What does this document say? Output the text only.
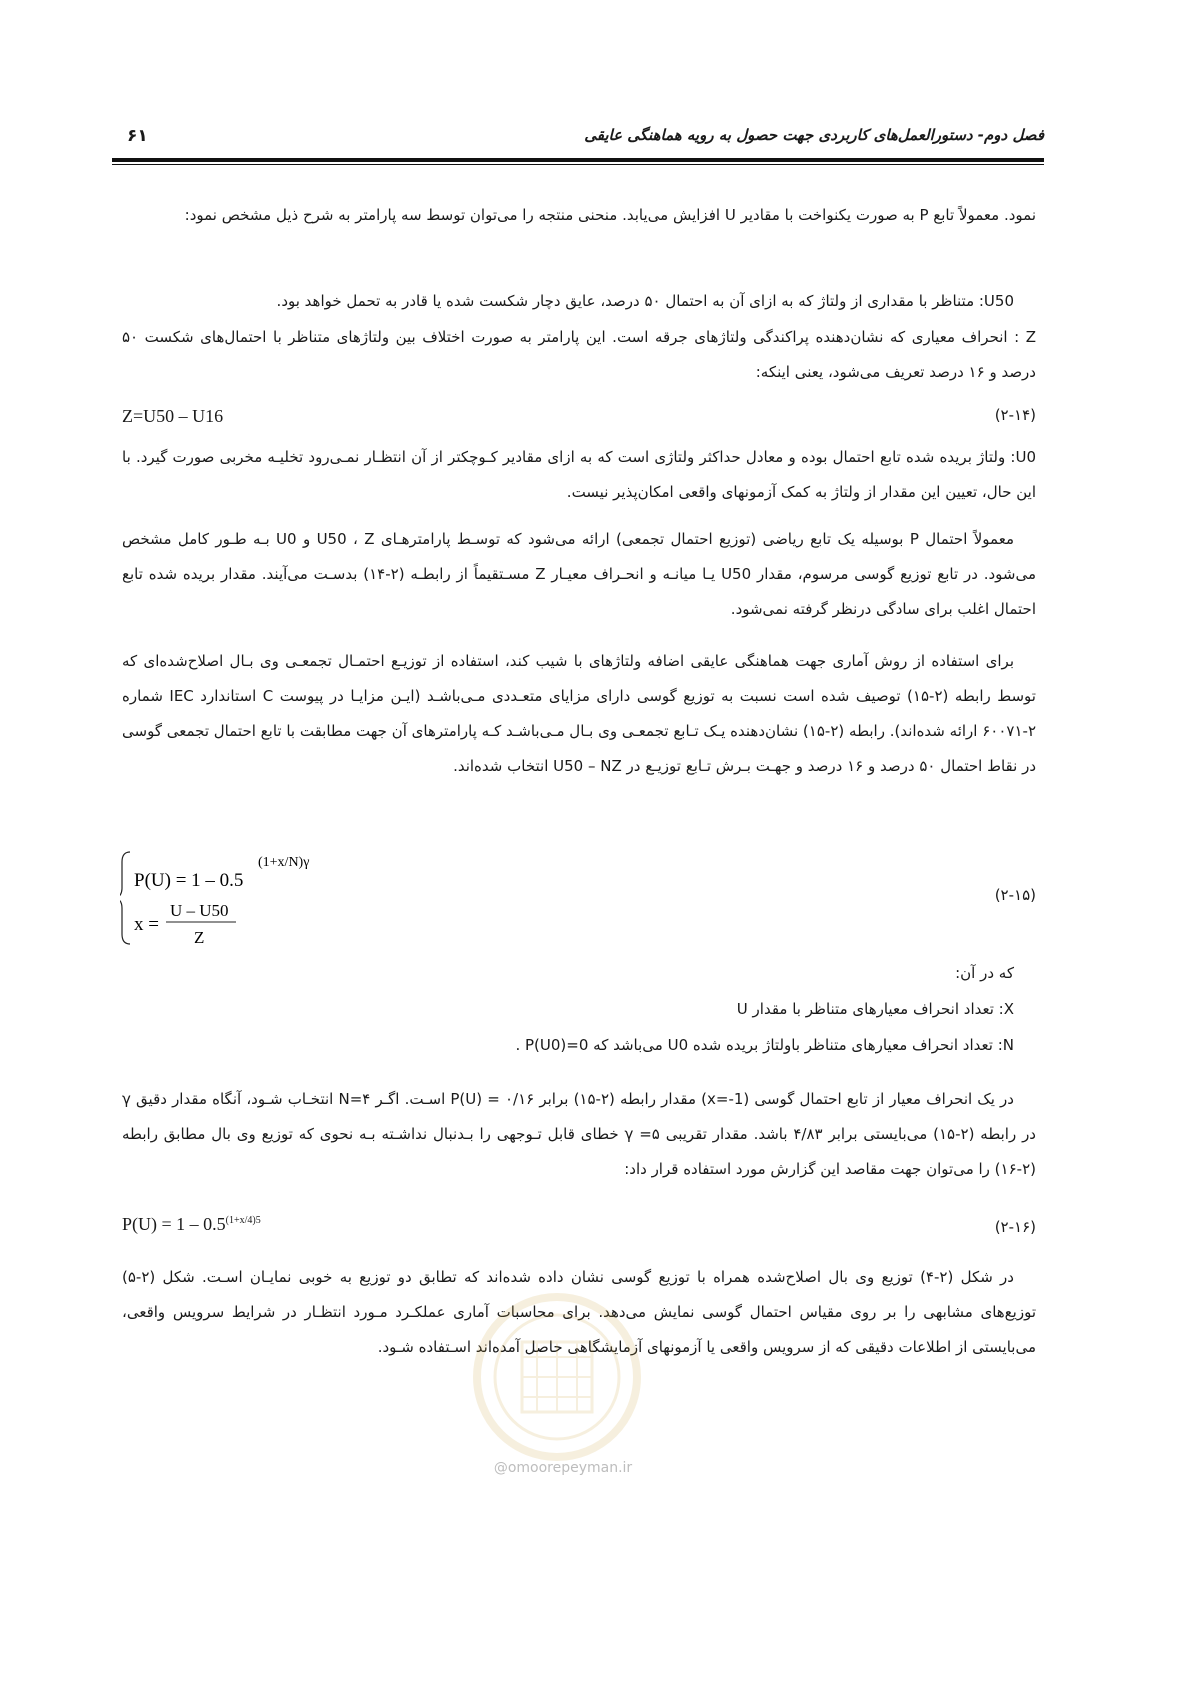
فصل دوم- دستورالعمل‌های کاربردی جهت حصول به رویه هماهنگی عایقی
۶۱
نمود. معمولاً تابع P به صورت یکنواخت با مقادیر U افزایش می‌یابد. منحنی منتجه را می‌توان توسط سه پارامتر به شرح ذیل مشخص نمود:
U50: متناظر با مقداری از ولتاژ که به ازای آن به احتمال ۵۰ درصد، عایق دچار شکست شده یا قادر به تحمل خواهد بود.
Z : انحراف معیاری که نشان‌دهنده پراکندگی ولتاژهای جرقه است. این پارامتر به صورت اختلاف بین ولتاژهای متناظر با احتمال‌های شکست ۵۰ درصد و ۱۶ درصد تعریف می‌شود، یعنی اینکه:
Z=U50 – U16	(۲-۱۴)
U0: ولتاژ بریده شده تابع احتمال بوده و معادل حداکثر ولتاژی است که به ازای مقادیر کـوچکتر از آن انتظـار نمـی‌رود تخلیـه مخربی صورت گیرد. با این حال، تعیین این مقدار از ولتاژ به کمک آزمونهای واقعی امکان‌پذیر نیست.
معمولاً احتمال P بوسیله یک تابع ریاضی (توزیع احتمال تجمعی) ارائه می‌شود که توسـط پارامترهـای U50 ، Z و U0 بـه طـور کامل مشخص می‌شود. در تابع توزیع گوسی مرسوم، مقدار U50 یـا میانـه و انحـراف معیـار Z مسـتقیماً از رابطـه (۲-۱۴) بدسـت می‌آیند. مقدار بریده شده تابع احتمال اغلب برای سادگی درنظر گرفته نمی‌شود.
برای استفاده از روش آماری جهت هماهنگی عایقی اضافه ولتاژهای با شیب کند، استفاده از توزیـع احتمـال تجمعـی وی بـال اصلاح‌شده‌ای که توسط رابطه (۲-۱۵) توصیف شده است نسبت به توزیع گوسی دارای مزایای متعـددی مـی‌باشـد (ایـن مزایـا در پیوست C استاندارد IEC شماره ۲-۶۰۰۷۱ ارائه شده‌اند). رابطه (۲-۱۵) نشان‌دهنده یـک تـابع تجمعـی وی بـال مـی‌باشـد کـه پارامترهای آن جهت مطابقت با تابع احتمال تجمعی گوسی در نقاط احتمال ۵۰ درصد و ۱۶ درصد و جهـت بـرش تـابع توزیـع در U50 – NZ انتخاب شده‌اند.
P(U) = 1 – 0.5
(1+x/N)γ
x =
U – U50
Z
(۲-۱۵)
که در آن:
X: تعداد انحراف معیارهای متناظر با مقدار U
N: تعداد انحراف معیارهای متناظر باولتاژ بریده شده U0 می‌باشد که P(U0)=0 .
در یک انحراف معیار از تابع احتمال گوسی (x=-1) مقدار رابطه (۲-۱۵) برابر P(U) = ۰/۱۶ اسـت. اگـر N=۴ انتخـاب شـود، آنگاه مقدار دقیق γ در رابطه (۲-۱۵) می‌بایستی برابر ۴/۸۳ باشد. مقدار تقریبی γ =۵ خطای قابل تـوجهی را بـدنبال نداشـته بـه نحوی که توزیع وی بال مطابق رابطه (۲-۱۶) را می‌توان جهت مقاصد این گزارش مورد استفاده قرار داد:
$P(U) = 1 - 0.5^{(1+x/4)5}$	(۲-۱۶)
در شکل (۲-۴) توزیع وی بال اصلاح‌شده همراه با توزیع گوسی نشان داده شده‌اند که تطابق دو توزیع به خوبی نمایـان اسـت. شکل (۲-۵) توزیع‌های مشابهی را بر روی مقیاس احتمال گوسی نمایش می‌دهد. برای محاسبات آماری عملکـرد مـورد انتظـار در شرایط سرویس واقعی، می‌بایستی از اطلاعات دقیقی که از سرویس واقعی یا آزمونهای آزمایشگاهی حاصل آمده‌اند اسـتفاده شـود.
@omoorepeyman.ir
